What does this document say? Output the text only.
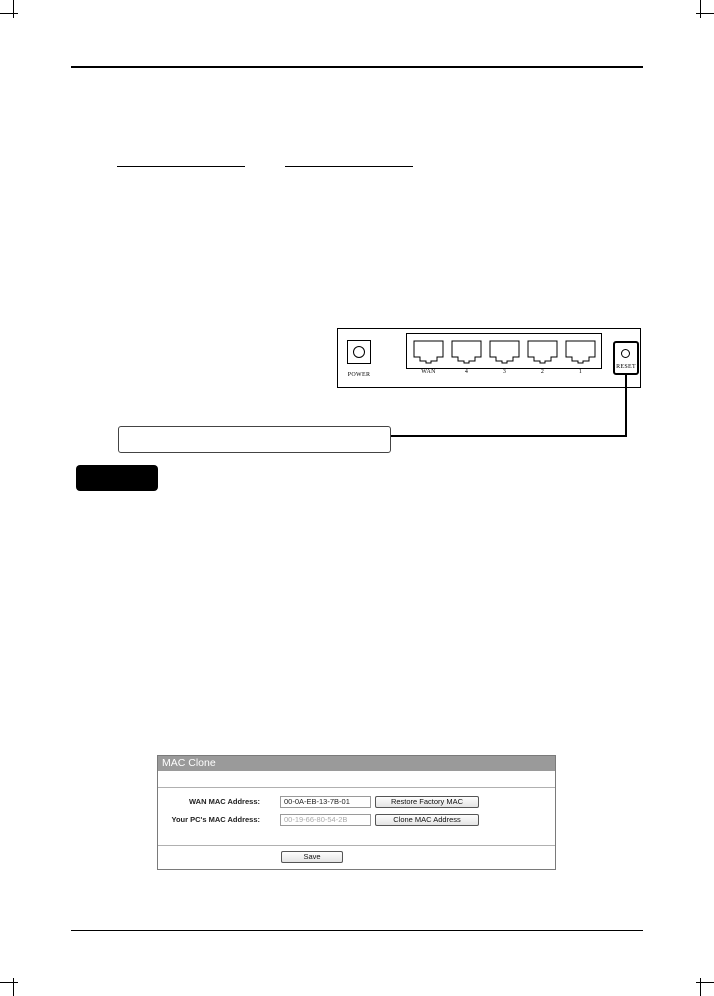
POWER	WAN	4	3	2	1
RESET
MAC Clone
WAN MAC Address:	00-0A-EB-13-7B-01	Restore Factory MAC
Your PC's MAC Address:	00-19-66-80-54-2B	Clone MAC Address
Save
